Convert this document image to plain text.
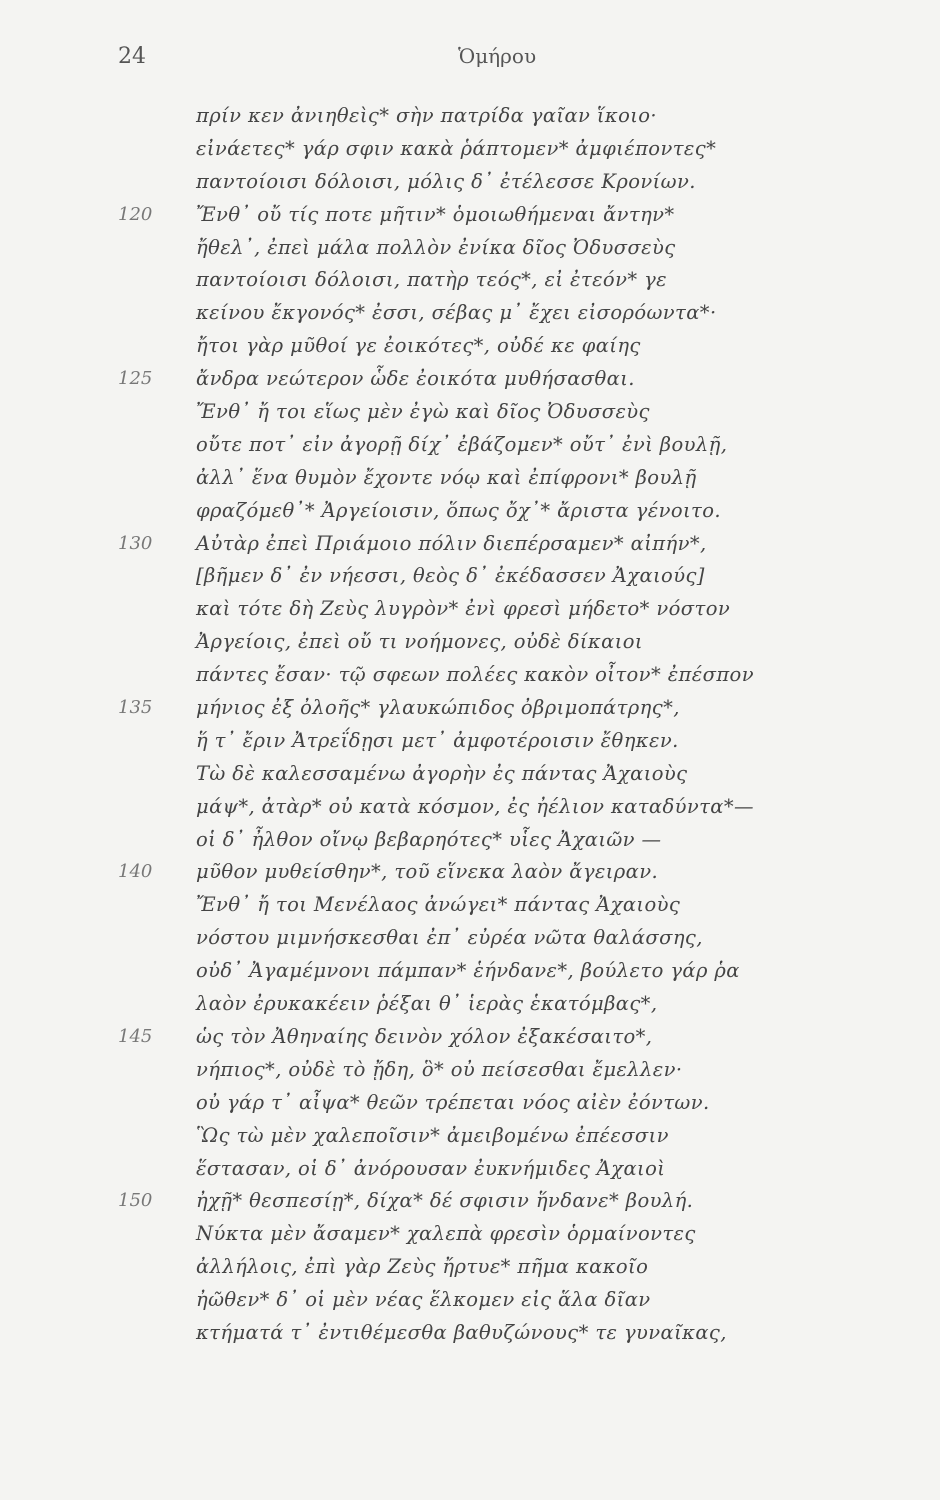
24	Ὁμήρου
πρίν κεν ἀνιηθεὶς* σὴν πατρίδα γαῖαν ἵκοιο·
εἰνάετες* γάρ σφιν κακὰ ῥάπτομεν* ἀμφιέποντες*
παντοίοισι δόλοισι, μόλις δ᾽ ἐτέλεσσε Κρονίων.
120 Ἔνθ᾽ οὔ τίς ποτε μῆτιν* ὁμοιωθήμεναι ἄντην*
ἤθελ᾽, ἐπεὶ μάλα πολλὸν ἐνίκα δῖος Ὀδυσσεὺς
παντοίοισι δόλοισι, πατὴρ τεός*, εἰ ἐτεόν* γε
κείνου ἔκγονός* ἐσσι, σέβας μ᾽ ἔχει εἰσορόωντα*·
ἤτοι γὰρ μῦθοί γε ἐοικότες*, οὐδέ κε φαίης
125 ἄνδρα νεώτερον ὧδε ἐοικότα μυθήσασθαι.
Ἔνθ᾽ ἤ τοι εἵως μὲν ἐγὼ καὶ δῖος Ὀδυσσεὺς
οὔτε ποτ᾽ εἰν ἀγορῇ δίχ᾽ ἐβάζομεν* οὔτ᾽ ἐνὶ βουλῇ,
ἀλλ᾽ ἕνα θυμὸν ἔχοντε νόῳ καὶ ἐπίφρονι* βουλῇ
φραζόμεθ᾽* Ἀργείοισιν, ὅπως ὄχ᾽* ἄριστα γένοιτο.
130 Αὐτὰρ ἐπεὶ Πριάμοιο πόλιν διεπέρσαμεν* αἰπήν*,
[βῆμεν δ᾽ ἐν νήεσσι, θεὸς δ᾽ ἐκέδασσεν Ἀχαιούς]
καὶ τότε δὴ Ζεὺς λυγρὸν* ἐνὶ φρεσὶ μήδετο* νόστον
Ἀργείοις, ἐπεὶ οὔ τι νοήμονες, οὐδὲ δίκαιοι
πάντες ἔσαν· τῷ σφεων πολέες κακὸν οἶτον* ἐπέσπον
135 μήνιος ἐξ ὀλοῆς* γλαυκώπιδος ὀβριμοπάτρης*,
ἥ τ᾽ ἔριν Ἀτρεΐδῃσι μετ᾽ ἀμφοτέροισιν ἔθηκεν.
Τὼ δὲ καλεσσαμένω ἀγορὴν ἐς πάντας Ἀχαιοὺς
μάψ*, ἀτὰρ* οὐ κατὰ κόσμον, ἐς ἠέλιον καταδύντα*—
οἱ δ᾽ ἦλθον οἴνῳ βεβαρηότες* υἷες Ἀχαιῶν —
140 μῦθον μυθείσθην*, τοῦ εἵνεκα λαὸν ἄγειραν.
Ἔνθ᾽ ἤ τοι Μενέλαος ἀνώγει* πάντας Ἀχαιοὺς
νόστου μιμνήσκεσθαι ἐπ᾽ εὐρέα νῶτα θαλάσσης,
οὐδ᾽ Ἀγαμέμνονι πάμπαν* ἑήνδανε*, βούλετο γάρ ῥα
λαὸν ἐρυκακέειν ῥέξαι θ᾽ ἱερὰς ἑκατόμβας*,
145 ὡς τὸν Ἀθηναίης δεινὸν χόλον ἐξακέσαιτο*,
νήπιος*, οὐδὲ τὸ ᾔδη, ὃ* οὐ πείσεσθαι ἔμελλεν·
οὐ γάρ τ᾽ αἶψα* θεῶν τρέπεται νόος αἰὲν ἐόντων.
Ὣς τὼ μὲν χαλεποῖσιν* ἀμειβομένω ἐπέεσσιν
ἕστασαν, οἱ δ᾽ ἀνόρουσαν ἐυκνήμιδες Ἀχαιοὶ
150 ἠχῇ* θεσπεσίῃ*, δίχα* δέ σφισιν ἥνδανε* βουλή.
Νύκτα μὲν ἄσαμεν* χαλεπὰ φρεσὶν ὁρμαίνοντες
ἀλλήλοις, ἐπὶ γὰρ Ζεὺς ἤρτυε* πῆμα κακοῖο
ἠῶθεν* δ᾽ οἱ μὲν νέας ἕλκομεν εἰς ἅλα δῖαν
κτήματά τ᾽ ἐντιθέμεσθα βαθυζώνους* τε γυναῖκας,
